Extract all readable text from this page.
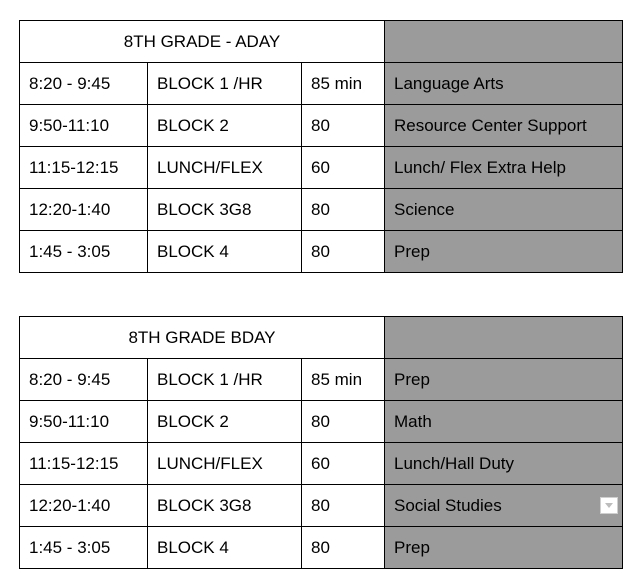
8TH GRADE - ADAY			
8:20 - 9:45	BLOCK 1 /HR	85 min	Language Arts
9:50-11:10	BLOCK 2	80	Resource Center Support
11:15-12:15	LUNCH/FLEX	60	Lunch/ Flex Extra Help
12:20-1:40	BLOCK 3G8	80	Science
1:45 - 3:05	BLOCK 4	80	Prep
8TH GRADE BDAY			
8:20 - 9:45	BLOCK 1 /HR	85 min	Prep
9:50-11:10	BLOCK 2	80	Math
11:15-12:15	LUNCH/FLEX	60	Lunch/Hall Duty
12:20-1:40	BLOCK 3G8	80	Social Studies

1:45 - 3:05	BLOCK 4	80	Prep
